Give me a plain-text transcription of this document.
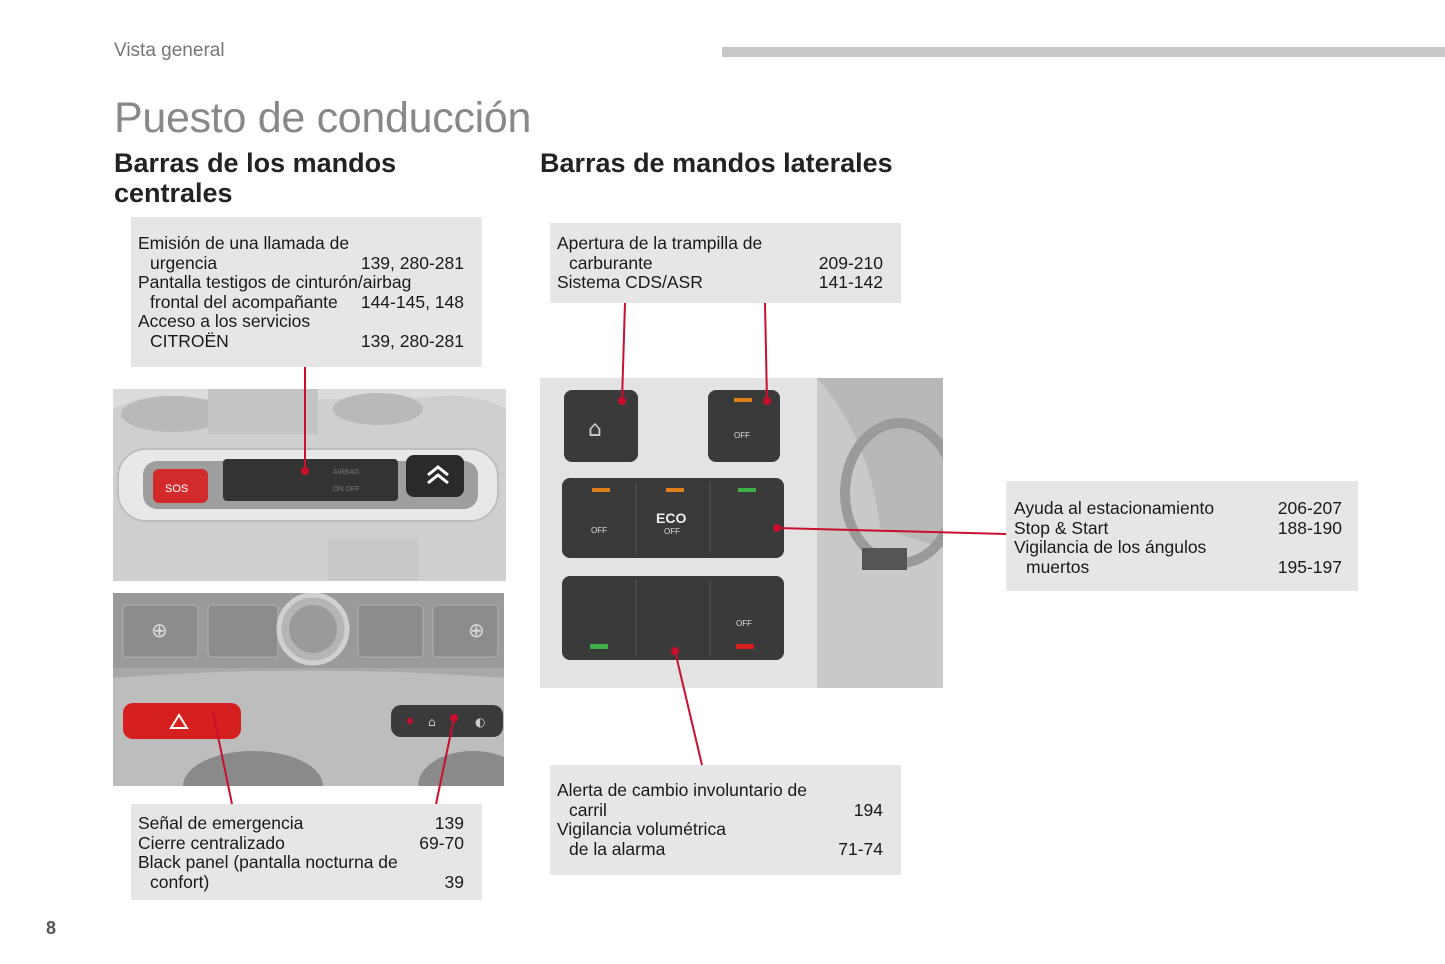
Vista general
Puesto de conducción
Barras de los mandos centrales
Barras de mandos laterales
Emisión de una llamada de
urgencia	139, 280-281
Pantalla testigos de cinturón/airbag
frontal del acompañante 144-145, 148
Acceso a los servicios
CITROËN	139, 280-281
SOS
AIRBAG
ON OFF
⊕	⊕
⌂	◐
Señal de emergencia	139
Cierre centralizado	69-70
Black panel (pantalla nocturna de
confort)	39
Apertura de la trampilla de
carburante	209-210
Sistema CDS/ASR	141-142
⌂	OFF
OFF
ECO
OFF
OFF
Ayuda al estacionamiento	206-207
Stop & Start	188-190
Vigilancia de los ángulos
muertos	195-197
Alerta de cambio involuntario de
carril	194
Vigilancia volumétrica
de la alarma	71-74
8
